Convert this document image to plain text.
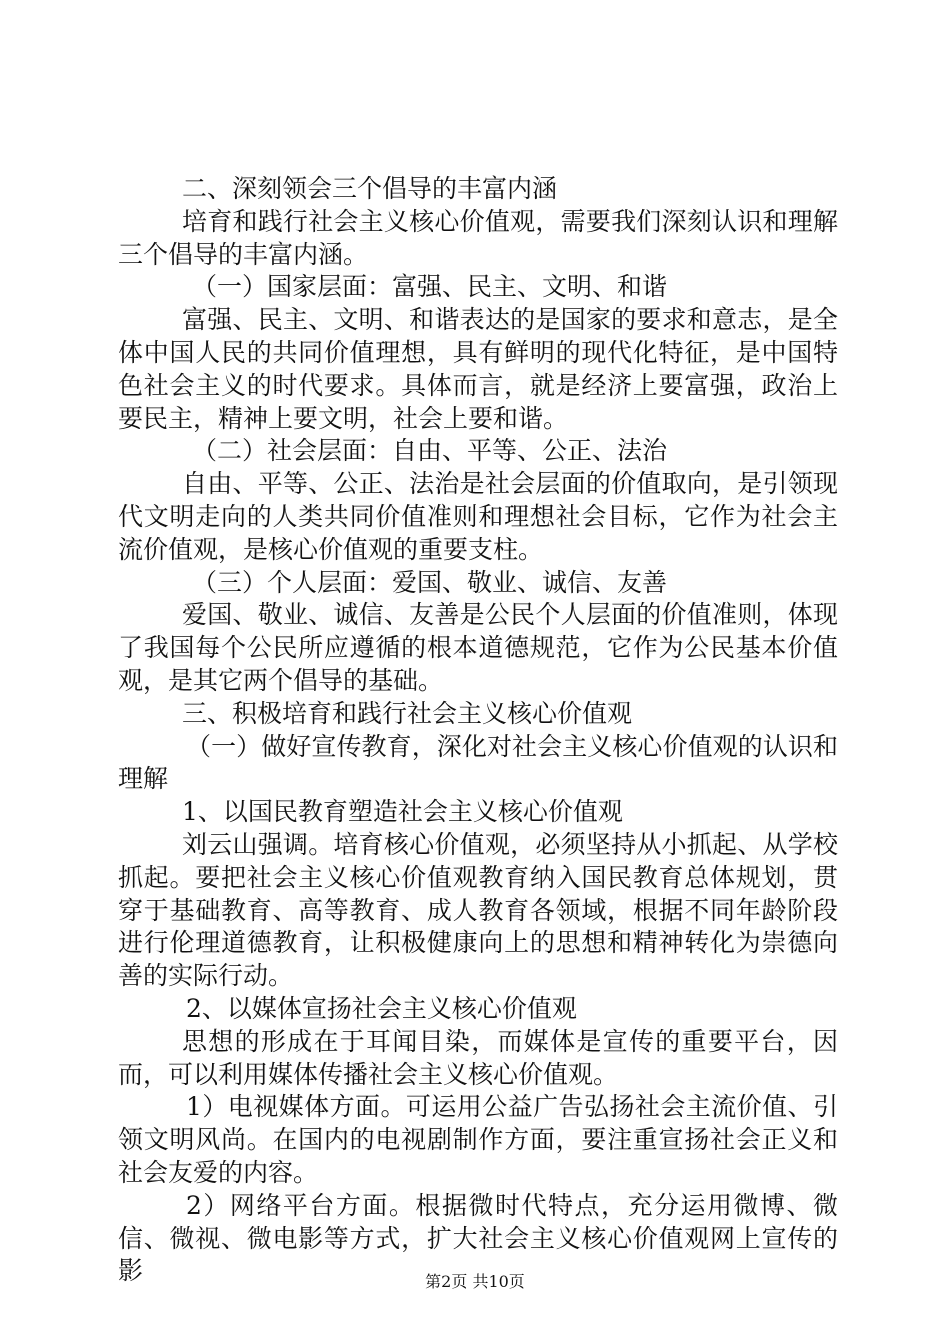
二、深刻领会三个倡导的丰富内涵

培育和践行社会主义核心价值观，需要我们深刻认识和理解三个倡导的丰富内涵。

（一）国家层面：富强、民主、文明、和谐

富强、民主、文明、和谐表达的是国家的要求和意志，是全体中国人民的共同价值理想，具有鲜明的现代化特征，是中国特色社会主义的时代要求。具体而言，就是经济上要富强，政治上要民主，精神上要文明，社会上要和谐。

（二）社会层面：自由、平等、公正、法治

自由、平等、公正、法治是社会层面的价值取向，是引领现代文明走向的人类共同价值准则和理想社会目标，它作为社会主流价值观，是核心价值观的重要支柱。

（三）个人层面：爱国、敬业、诚信、友善

爱国、敬业、诚信、友善是公民个人层面的价值准则，体现了我国每个公民所应遵循的根本道德规范，它作为公民基本价值观，是其它两个倡导的基础。

三、积极培育和践行社会主义核心价值观

（一）做好宣传教育，深化对社会主义核心价值观的认识和理解

1、以国民教育塑造社会主义核心价值观

刘云山强调。培育核心价值观，必须坚持从小抓起、从学校抓起。要把社会主义核心价值观教育纳入国民教育总体规划，贯穿于基础教育、高等教育、成人教育各领域，根据不同年龄阶段进行伦理道德教育，让积极健康向上的思想和精神转化为崇德向善的实际行动。

2、以媒体宣扬社会主义核心价值观

思想的形成在于耳闻目染，而媒体是宣传的重要平台，因而，可以利用媒体传播社会主义核心价值观。

1）电视媒体方面。可运用公益广告弘扬社会主流价值、引领文明风尚。在国内的电视剧制作方面，要注重宣扬社会正义和社会友爱的内容。

2）网络平台方面。根据微时代特点，充分运用微博、微信、微视、微电影等方式，扩大社会主义核心价值观网上宣传的影	第2页 共10页
